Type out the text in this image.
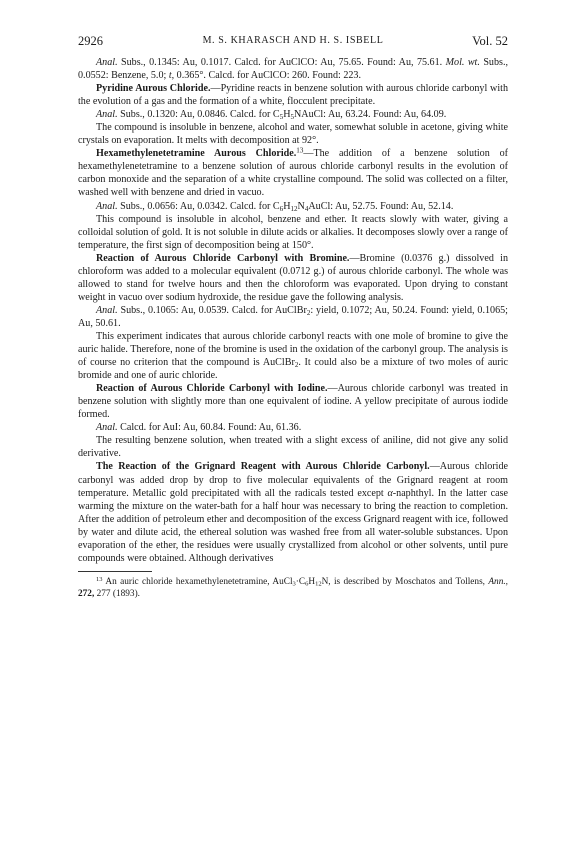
2926	M. S. KHARASCH AND H. S. ISBELL	Vol. 52

Anal. Subs., 0.1345: Au, 0.1017. Calcd. for AuClCO: Au, 75.65. Found: Au, 75.61. Mol. wt. Subs., 0.0552: Benzene, 5.0; t, 0.365°. Calcd. for AuClCO: 260. Found: 223.

Pyridine Aurous Chloride.—Pyridine reacts in benzene solution with aurous chloride carbonyl with the evolution of a gas and the formation of a white, flocculent precipitate.

Anal. Subs., 0.1320: Au, 0.0846. Calcd. for $C_5H_5NAuCl$: Au, 63.24. Found: Au, 64.09.

The compound is insoluble in benzene, alcohol and water, somewhat soluble in acetone, giving white crystals on evaporation. It melts with decomposition at 92°.

Hexamethylenetetramine Aurous Chloride.$^{13}$—The addition of a benzene solution of hexamethylenetetramine to a benzene solution of aurous chloride carbonyl results in the evolution of carbon monoxide and the separation of a white crystalline compound. The solid was collected on a filter, washed well with benzene and dried in vacuo.

Anal. Subs., 0.0656: Au, 0.0342. Calcd. for $C_6H_{12}N_4AuCl$: Au, 52.75. Found: Au, 52.14.

This compound is insoluble in alcohol, benzene and ether. It reacts slowly with water, giving a colloidal solution of gold. It is not soluble in dilute acids or alkalies. It decomposes slowly over a range of temperature, the first sign of decomposition being at 150°.

Reaction of Aurous Chloride Carbonyl with Bromine.—Bromine (0.0376 g.) dissolved in chloroform was added to a molecular equivalent (0.0712 g.) of aurous chloride carbonyl. The whole was allowed to stand for twelve hours and then the chloroform was evaporated. Upon drying to constant weight in vacuo over sodium hydroxide, the residue gave the following analysis.

Anal. Subs., 0.1065: Au, 0.0539. Calcd. for AuClBr$_2$: yield, 0.1072; Au, 50.24. Found: yield, 0.1065; Au, 50.61.

This experiment indicates that aurous chloride carbonyl reacts with one mole of bromine to give the auric halide. Therefore, none of the bromine is used in the oxidation of the carbonyl group. The analysis is of course no criterion that the compound is AuClBr$_2$. It could also be a mixture of two moles of auric bromide and one of auric chloride.

Reaction of Aurous Chloride Carbonyl with Iodine.—Aurous chloride carbonyl was treated in benzene solution with slightly more than one equivalent of iodine. A yellow precipitate of aurous iodide formed.

Anal. Calcd. for AuI: Au, 60.84. Found: Au, 61.36.

The resulting benzene solution, when treated with a slight excess of aniline, did not give any solid derivative.

The Reaction of the Grignard Reagent with Aurous Chloride Carbonyl.—Aurous chloride carbonyl was added drop by drop to five molecular equivalents of the Grignard reagent at room temperature. Metallic gold precipitated with all the radicals tested except α-naphthyl. In the latter case warming the mixture on the water-bath for a half hour was necessary to bring the reaction to completion. After the addition of petroleum ether and decomposition of the excess Grignard reagent with ice, followed by water and dilute acid, the ethereal solution was washed free from all water-soluble substances. Upon evaporation of the ether, the residues were usually crystallized from alcohol or other solvents, until pure compounds were obtained. Although derivatives

$^{13}$ An auric chloride hexamethylenetetramine, $AuCl_3\cdot C_6H_{12}N$, is described by Moschatos and Tollens, Ann., 272, 277 (1893).
